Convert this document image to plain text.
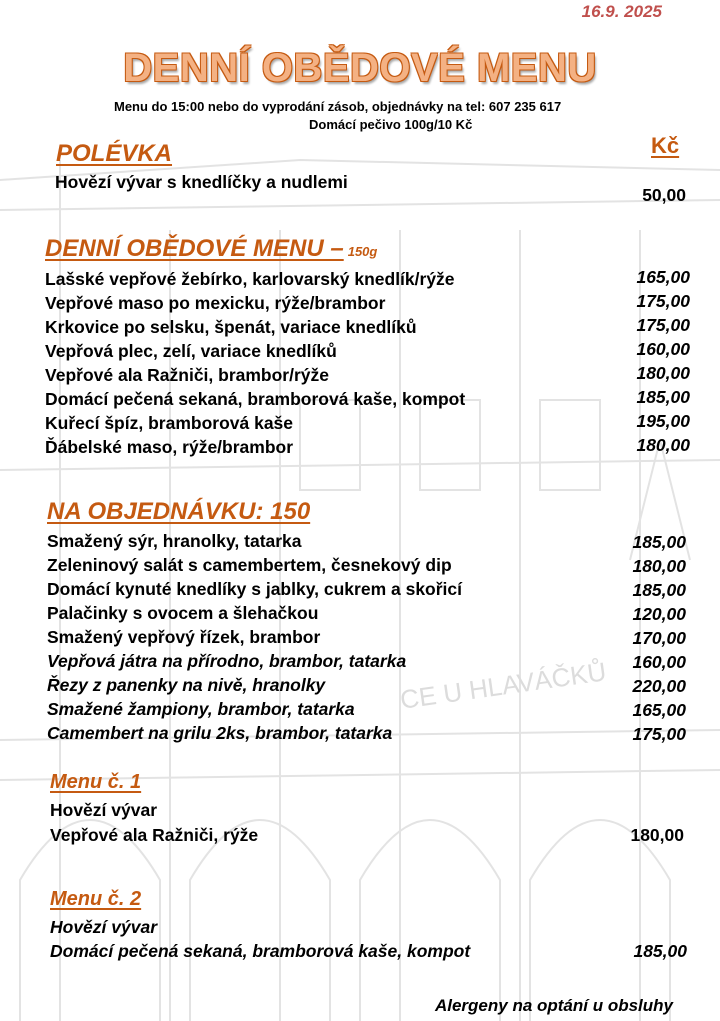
CE U HLAVÁČKŮ
16.9. 2025
DENNÍ OBĚDOVÉ MENU
Menu do 15:00 nebo do vyprodání zásob, objednávky na tel: 607 235 617
Domácí pečivo 100g/10 Kč
POLÉVKA	Kč
Hovězí vývar s knedlíčky a nudlemi
50,00
DENNÍ OBĚDOVÉ MENU – 150g
Lašské vepřové žebírko, karlovarský knedlík/rýže	165,00
Vepřové maso po mexicku, rýže/brambor	175,00
Krkovice po selsku, špenát, variace knedlíků	175,00
Vepřová plec, zelí, variace knedlíků	160,00
Vepřové ala Ražniči, brambor/rýže	180,00
Domácí pečená sekaná, bramborová kaše, kompot	185,00
Kuřecí špíz, bramborová kaše	195,00
Ďábelské maso, rýže/brambor	180,00
NA OBJEDNÁVKU: 150
Smažený sýr, hranolky, tatarka	185,00
Zeleninový salát s camembertem, česnekový dip	180,00
Domácí kynuté knedlíky s jablky, cukrem a skořicí	185,00
Palačinky s ovocem a šlehačkou	120,00
Smažený vepřový řízek, brambor	170,00
Vepřová játra na přírodno, brambor, tatarka	160,00
Řezy z panenky na nivě, hranolky	220,00
Smažené žampiony, brambor, tatarka	165,00
Camembert na grilu 2ks, brambor, tatarka	175,00
Menu č. 1
Hovězí vývar
Vepřové ala Ražniči, rýže	180,00
Menu č. 2
Hovězí vývar
Domácí pečená sekaná, bramborová kaše, kompot	185,00
Alergeny na optání u obsluhy
